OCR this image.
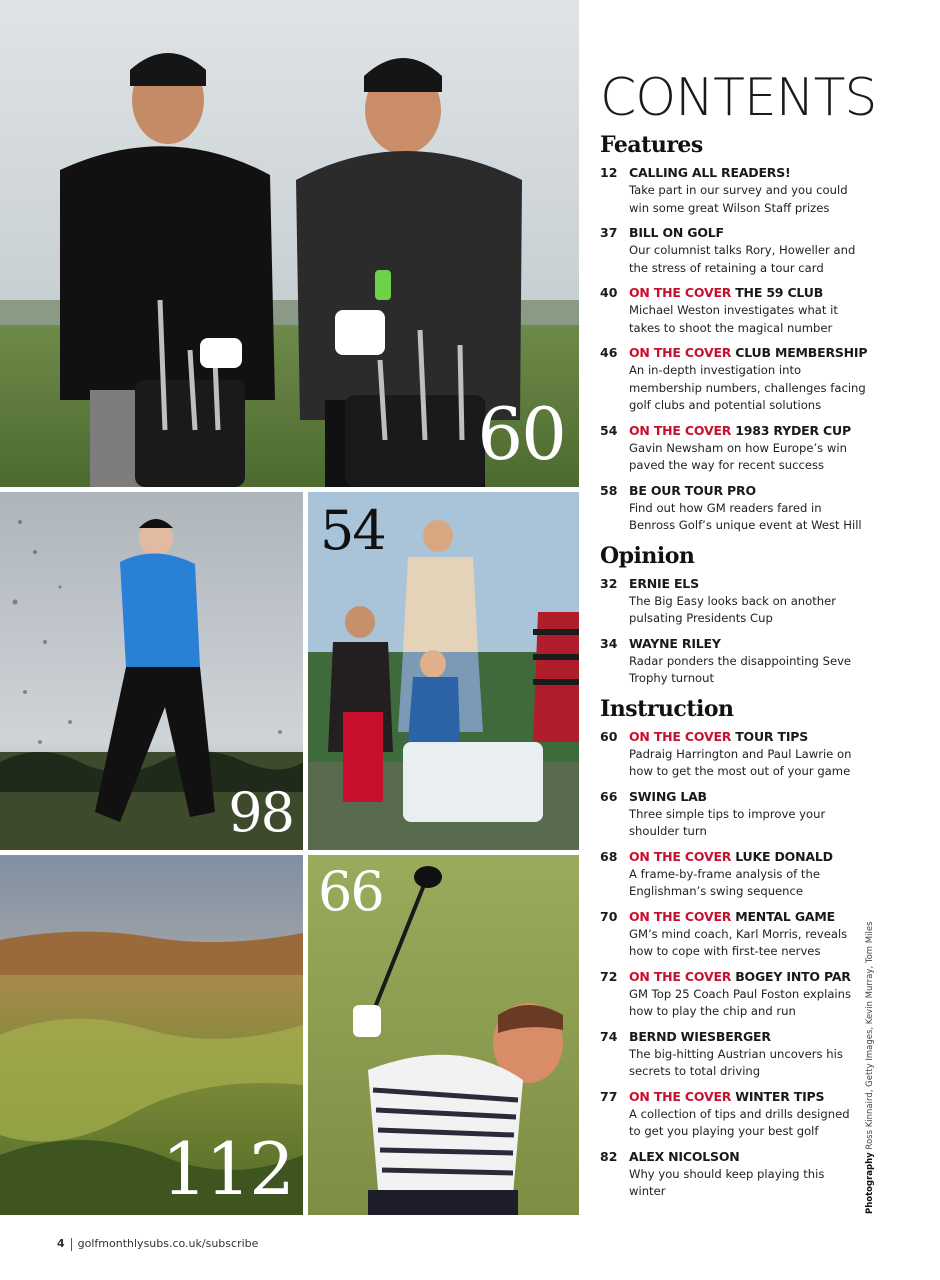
60
98
54
112
66
CONTENTS
Features
12 CALLING ALL READERS!
Take part in our survey and you could win some great Wilson Staff prizes
37 BILL ON GOLF
Our columnist talks Rory, Howeller and the stress of retaining a tour card
40 ON THE COVER THE 59 CLUB
Michael Weston investigates what it takes to shoot the magical number
46 ON THE COVER CLUB MEMBERSHIP
An in-depth investigation into membership numbers, challenges facing golf clubs and potential solutions
54 ON THE COVER 1983 RYDER CUP
Gavin Newsham on how Europe’s win paved the way for recent success
58 BE OUR TOUR PRO
Find out how GM readers fared in Benross Golf’s unique event at West Hill
Opinion
32 ERNIE ELS
The Big Easy looks back on another pulsating Presidents Cup
34 WAYNE RILEY
Radar ponders the disappointing Seve Trophy turnout
Instruction
60 ON THE COVER TOUR TIPS
Padraig Harrington and Paul Lawrie on how to get the most out of your game
66 SWING LAB
Three simple tips to improve your shoulder turn
68 ON THE COVER LUKE DONALD
A frame-by-frame analysis of the Englishman’s swing sequence
70 ON THE COVER MENTAL GAME
GM’s mind coach, Karl Morris, reveals how to cope with first-tee nerves
72 ON THE COVER BOGEY INTO PAR
GM Top 25 Coach Paul Foston explains how to play the chip and run
74 BERND WIESBERGER
The big-hitting Austrian uncovers his secrets to total driving
77 ON THE COVER WINTER TIPS
A collection of tips and drills designed to get you playing your best golf
82 ALEX NICOLSON
Why you should keep playing this winter
4 golfmonthlysubs.co.uk/subscribe
Photography Ross Kinnaird, Getty Images, Kevin Murray, Tom Miles
